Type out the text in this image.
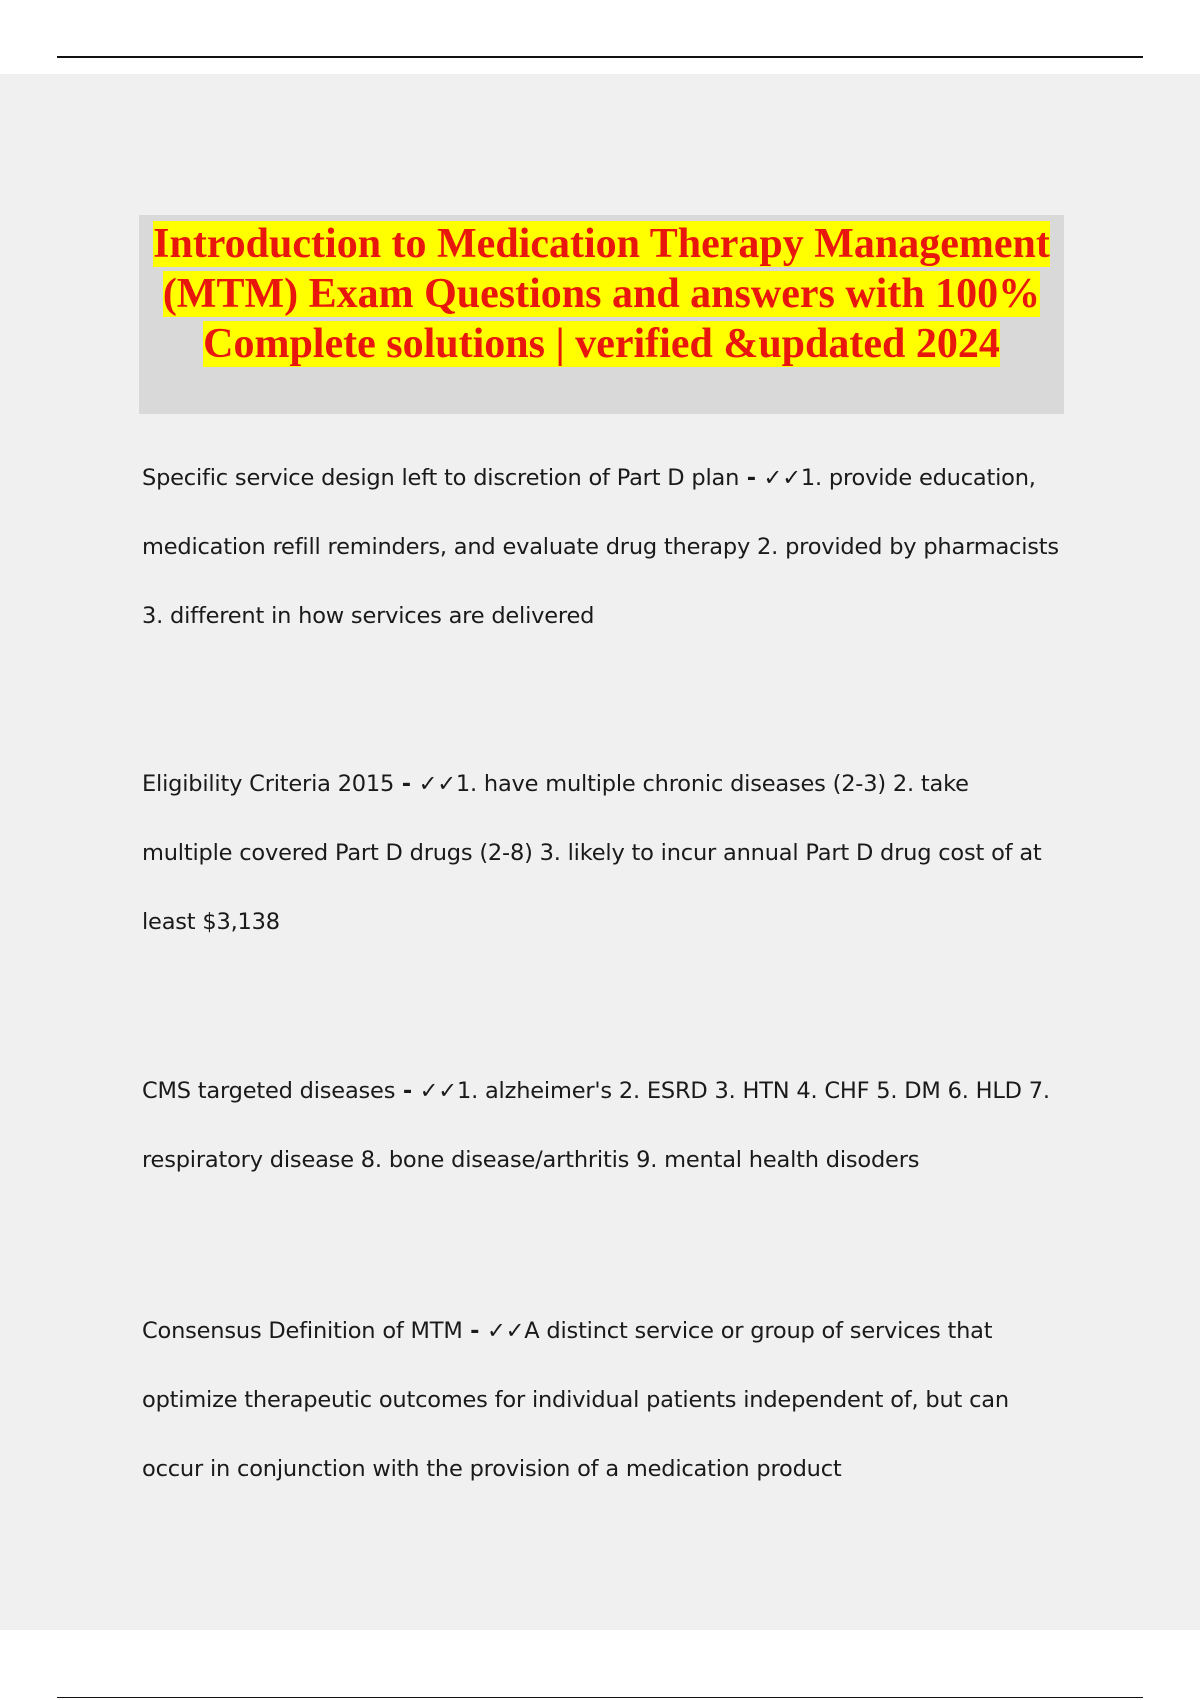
Introduction to Medication Therapy Management (MTM) Exam Questions and answers with 100% Complete solutions | verified &updated 2024
Specific service design left to discretion of Part D plan - ✓✓1. provide education, medication refill reminders, and evaluate drug therapy 2. provided by pharmacists 3. different in how services are delivered
Eligibility Criteria 2015 - ✓✓1. have multiple chronic diseases (2-3) 2. take multiple covered Part D drugs (2-8) 3. likely to incur annual Part D drug cost of at least $3,138
CMS targeted diseases - ✓✓1. alzheimer's 2. ESRD 3. HTN 4. CHF 5. DM 6. HLD 7. respiratory disease 8. bone disease/arthritis 9. mental health disoders
Consensus Definition of MTM - ✓✓A distinct service or group of services that optimize therapeutic outcomes for individual patients independent of, but can occur in conjunction with the provision of a medication product
